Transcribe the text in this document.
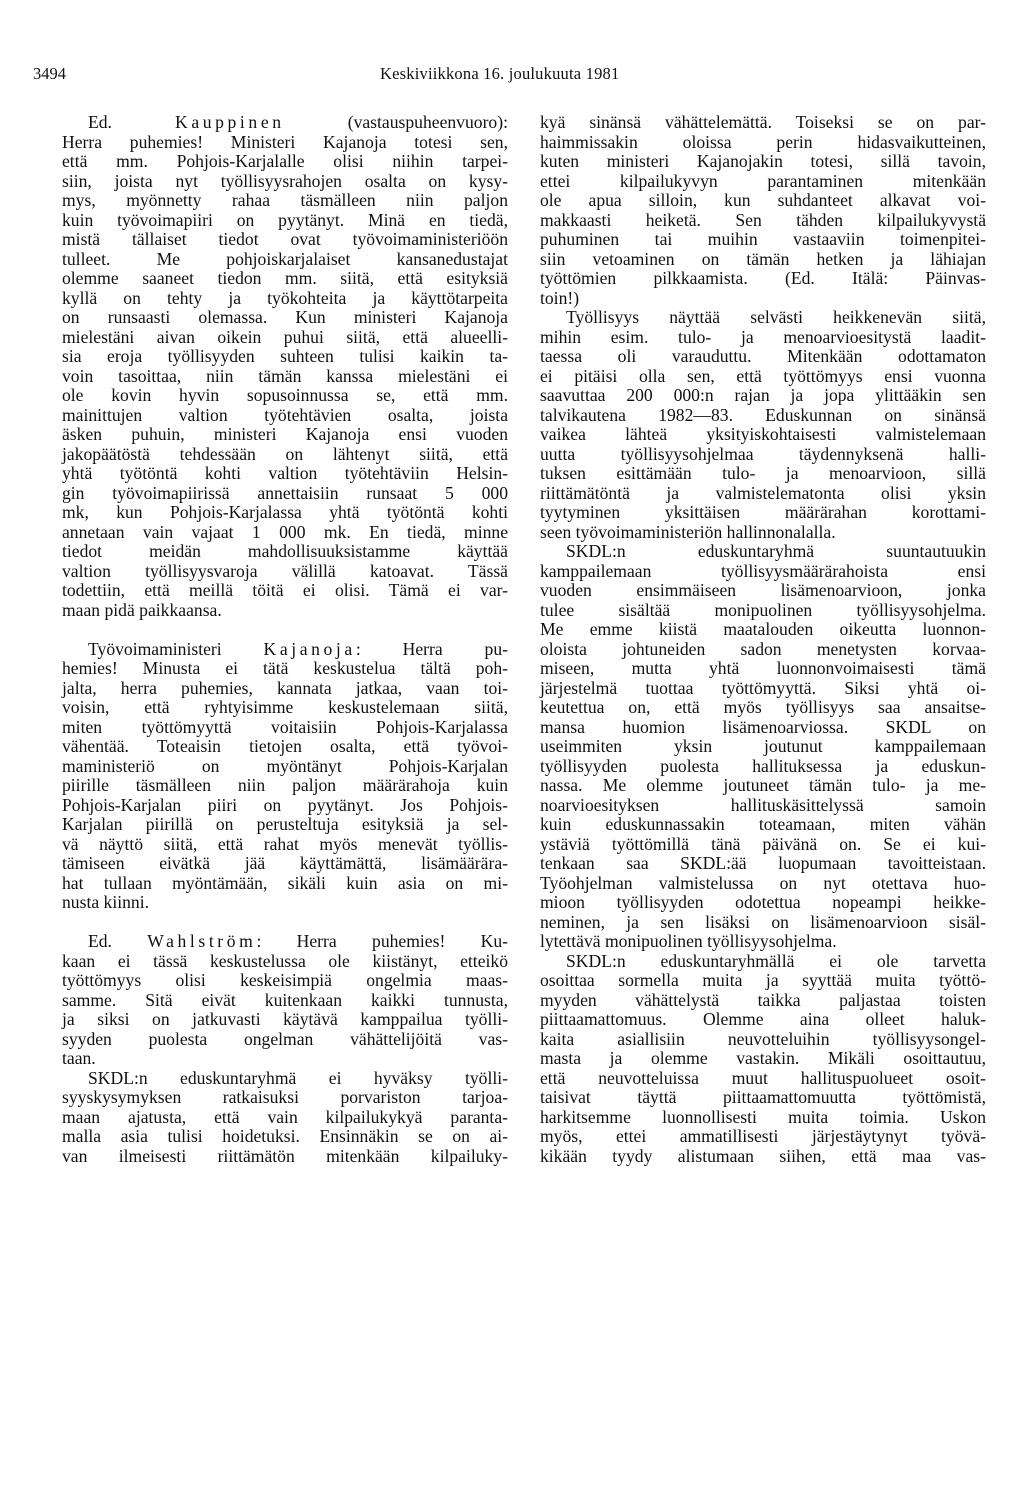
3494	Keskiviikkona 16. joulukuuta 1981
Ed.	Kauppinen	(vastauspuheenvuoro):
Herra puhemies! Ministeri Kajanoja totesi sen,
että mm. Pohjois-Karjalalle olisi niihin tarpei-
siin, joista nyt työllisyysrahojen osalta on kysy-
mys, myönnetty rahaa täsmälleen niin paljon
kuin työvoimapiiri on pyytänyt. Minä en tiedä,
mistä tällaiset tiedot ovat työvoimaministeriöön
tulleet. Me pohjoiskarjalaiset kansanedustajat
olemme saaneet tiedon mm. siitä, että esityksiä
kyllä on tehty ja työkohteita ja käyttötarpeita
on runsaasti olemassa. Kun ministeri Kajanoja
mielestäni aivan oikein puhui siitä, että alueelli-
sia eroja työllisyyden suhteen tulisi kaikin ta-
voin tasoittaa, niin tämän kanssa mielestäni ei
ole kovin hyvin sopusoinnussa se, että mm.
mainittujen valtion työtehtävien osalta, joista
äsken puhuin, ministeri Kajanoja ensi vuoden
jakopäätöstä tehdessään on lähtenyt siitä, että
yhtä työtöntä kohti valtion työtehtäviin Helsin-
gin työvoimapiirissä annettaisiin runsaat 5 000
mk, kun Pohjois-Karjalassa yhtä työtöntä kohti
annetaan vain vajaat 1 000 mk. En tiedä, minne
tiedot meidän mahdollisuuksistamme käyttää
valtion työllisyysvaroja välillä katoavat. Tässä
todettiin, että meillä töitä ei olisi. Tämä ei var-
maan pidä paikkaansa.
Työvoimaministeri Kajanoja: Herra pu-
hemies! Minusta ei tätä keskustelua tältä poh-
jalta, herra puhemies, kannata jatkaa, vaan toi-
voisin, että ryhtyisimme keskustelemaan siitä,
miten työttömyyttä voitaisiin Pohjois-Karjalassa
vähentää. Toteaisin tietojen osalta, että työvoi-
maministeriö on myöntänyt Pohjois-Karjalan
piirille täsmälleen niin paljon määrärahoja kuin
Pohjois-Karjalan piiri on pyytänyt. Jos Pohjois-
Karjalan piirillä on perusteltuja esityksiä ja sel-
vä näyttö siitä, että rahat myös menevät työllis-
tämiseen eivätkä jää käyttämättä, lisämäärära-
hat tullaan myöntämään, sikäli kuin asia on mi-
nusta kiinni.
Ed. Wahlström: Herra puhemies! Ku-
kaan ei tässä keskustelussa ole kiistänyt, etteikö
työttömyys olisi keskeisimpiä ongelmia maas-
samme. Sitä eivät kuitenkaan kaikki tunnusta,
ja siksi on jatkuvasti käytävä kamppailua työlli-
syyden puolesta ongelman vähättelijöitä vas-
taan.
SKDL:n eduskuntaryhmä ei hyväksy työlli-
syyskysymyksen ratkaisuksi porvariston tarjoa-
maan ajatusta, että vain kilpailukykyä paranta-
malla asia tulisi hoidetuksi. Ensinnäkin se on ai-
van ilmeisesti riittämätön mitenkään kilpailuky-
kyä sinänsä vähättelemättä. Toiseksi se on par-
haimmissakin oloissa perin hidasvaikutteinen,
kuten ministeri Kajanojakin totesi, sillä tavoin,
ettei kilpailukyvyn parantaminen mitenkään
ole apua silloin, kun suhdanteet alkavat voi-
makkaasti heiketä. Sen tähden kilpailukyvystä
puhuminen tai muihin vastaaviin toimenpitei-
siin vetoaminen on tämän hetken ja lähiajan
työttömien pilkkaamista. (Ed. Itälä: Päinvas-
toin!)
Työllisyys näyttää selvästi heikkenevän siitä,
mihin esim. tulo- ja menoarvioesitystä laadit-
taessa oli varauduttu. Mitenkään odottamaton
ei pitäisi olla sen, että työttömyys ensi vuonna
saavuttaa 200 000:n rajan ja jopa ylittääkin sen
talvikautena 1982—83. Eduskunnan on sinänsä
vaikea lähteä yksityiskohtaisesti valmistelemaan
uutta työllisyysohjelmaa täydennyksenä halli-
tuksen esittämään tulo- ja menoarvioon, sillä
riittämätöntä ja valmistelematonta olisi yksin
tyytyminen yksittäisen määrärahan korottami-
seen työvoimaministeriön hallinnonalalla.
SKDL:n eduskuntaryhmä suuntautuukin
kamppailemaan työllisyysmäärärahoista ensi
vuoden ensimmäiseen lisämenoarvioon, jonka
tulee sisältää monipuolinen työllisyysohjelma.
Me emme kiistä maatalouden oikeutta luonnon-
oloista johtuneiden sadon menetysten korvaa-
miseen, mutta yhtä luonnonvoimaisesti tämä
järjestelmä tuottaa työttömyyttä. Siksi yhtä oi-
keutettua on, että myös työllisyys saa ansaitse-
mansa huomion lisämenoarviossa. SKDL on
useimmiten yksin joutunut kamppailemaan
työllisyyden puolesta hallituksessa ja eduskun-
nassa. Me olemme joutuneet tämän tulo- ja me-
noarvioesityksen hallituskäsittelyssä samoin
kuin eduskunnassakin toteamaan, miten vähän
ystäviä työttömillä tänä päivänä on. Se ei kui-
tenkaan saa SKDL:ää luopumaan tavoitteistaan.
Työohjelman valmistelussa on nyt otettava huo-
mioon työllisyyden odotettua nopeampi heikke-
neminen, ja sen lisäksi on lisämenoarvioon sisäl-
lytettävä monipuolinen työllisyysohjelma.
SKDL:n eduskuntaryhmällä ei ole tarvetta
osoittaa sormella muita ja syyttää muita työttö-
myyden vähättelystä taikka paljastaa toisten
piittaamattomuus. Olemme aina olleet haluk-
kaita asiallisiin neuvotteluihin työllisyysongel-
masta ja olemme vastakin. Mikäli osoittautuu,
että neuvotteluissa muut hallituspuolueet osoit-
taisivat täyttä piittaamattomuutta työttömistä,
harkitsemme luonnollisesti muita toimia. Uskon
myös, ettei ammatillisesti järjestäytynyt työvä-
kikään tyydy alistumaan siihen, että maa vas-
